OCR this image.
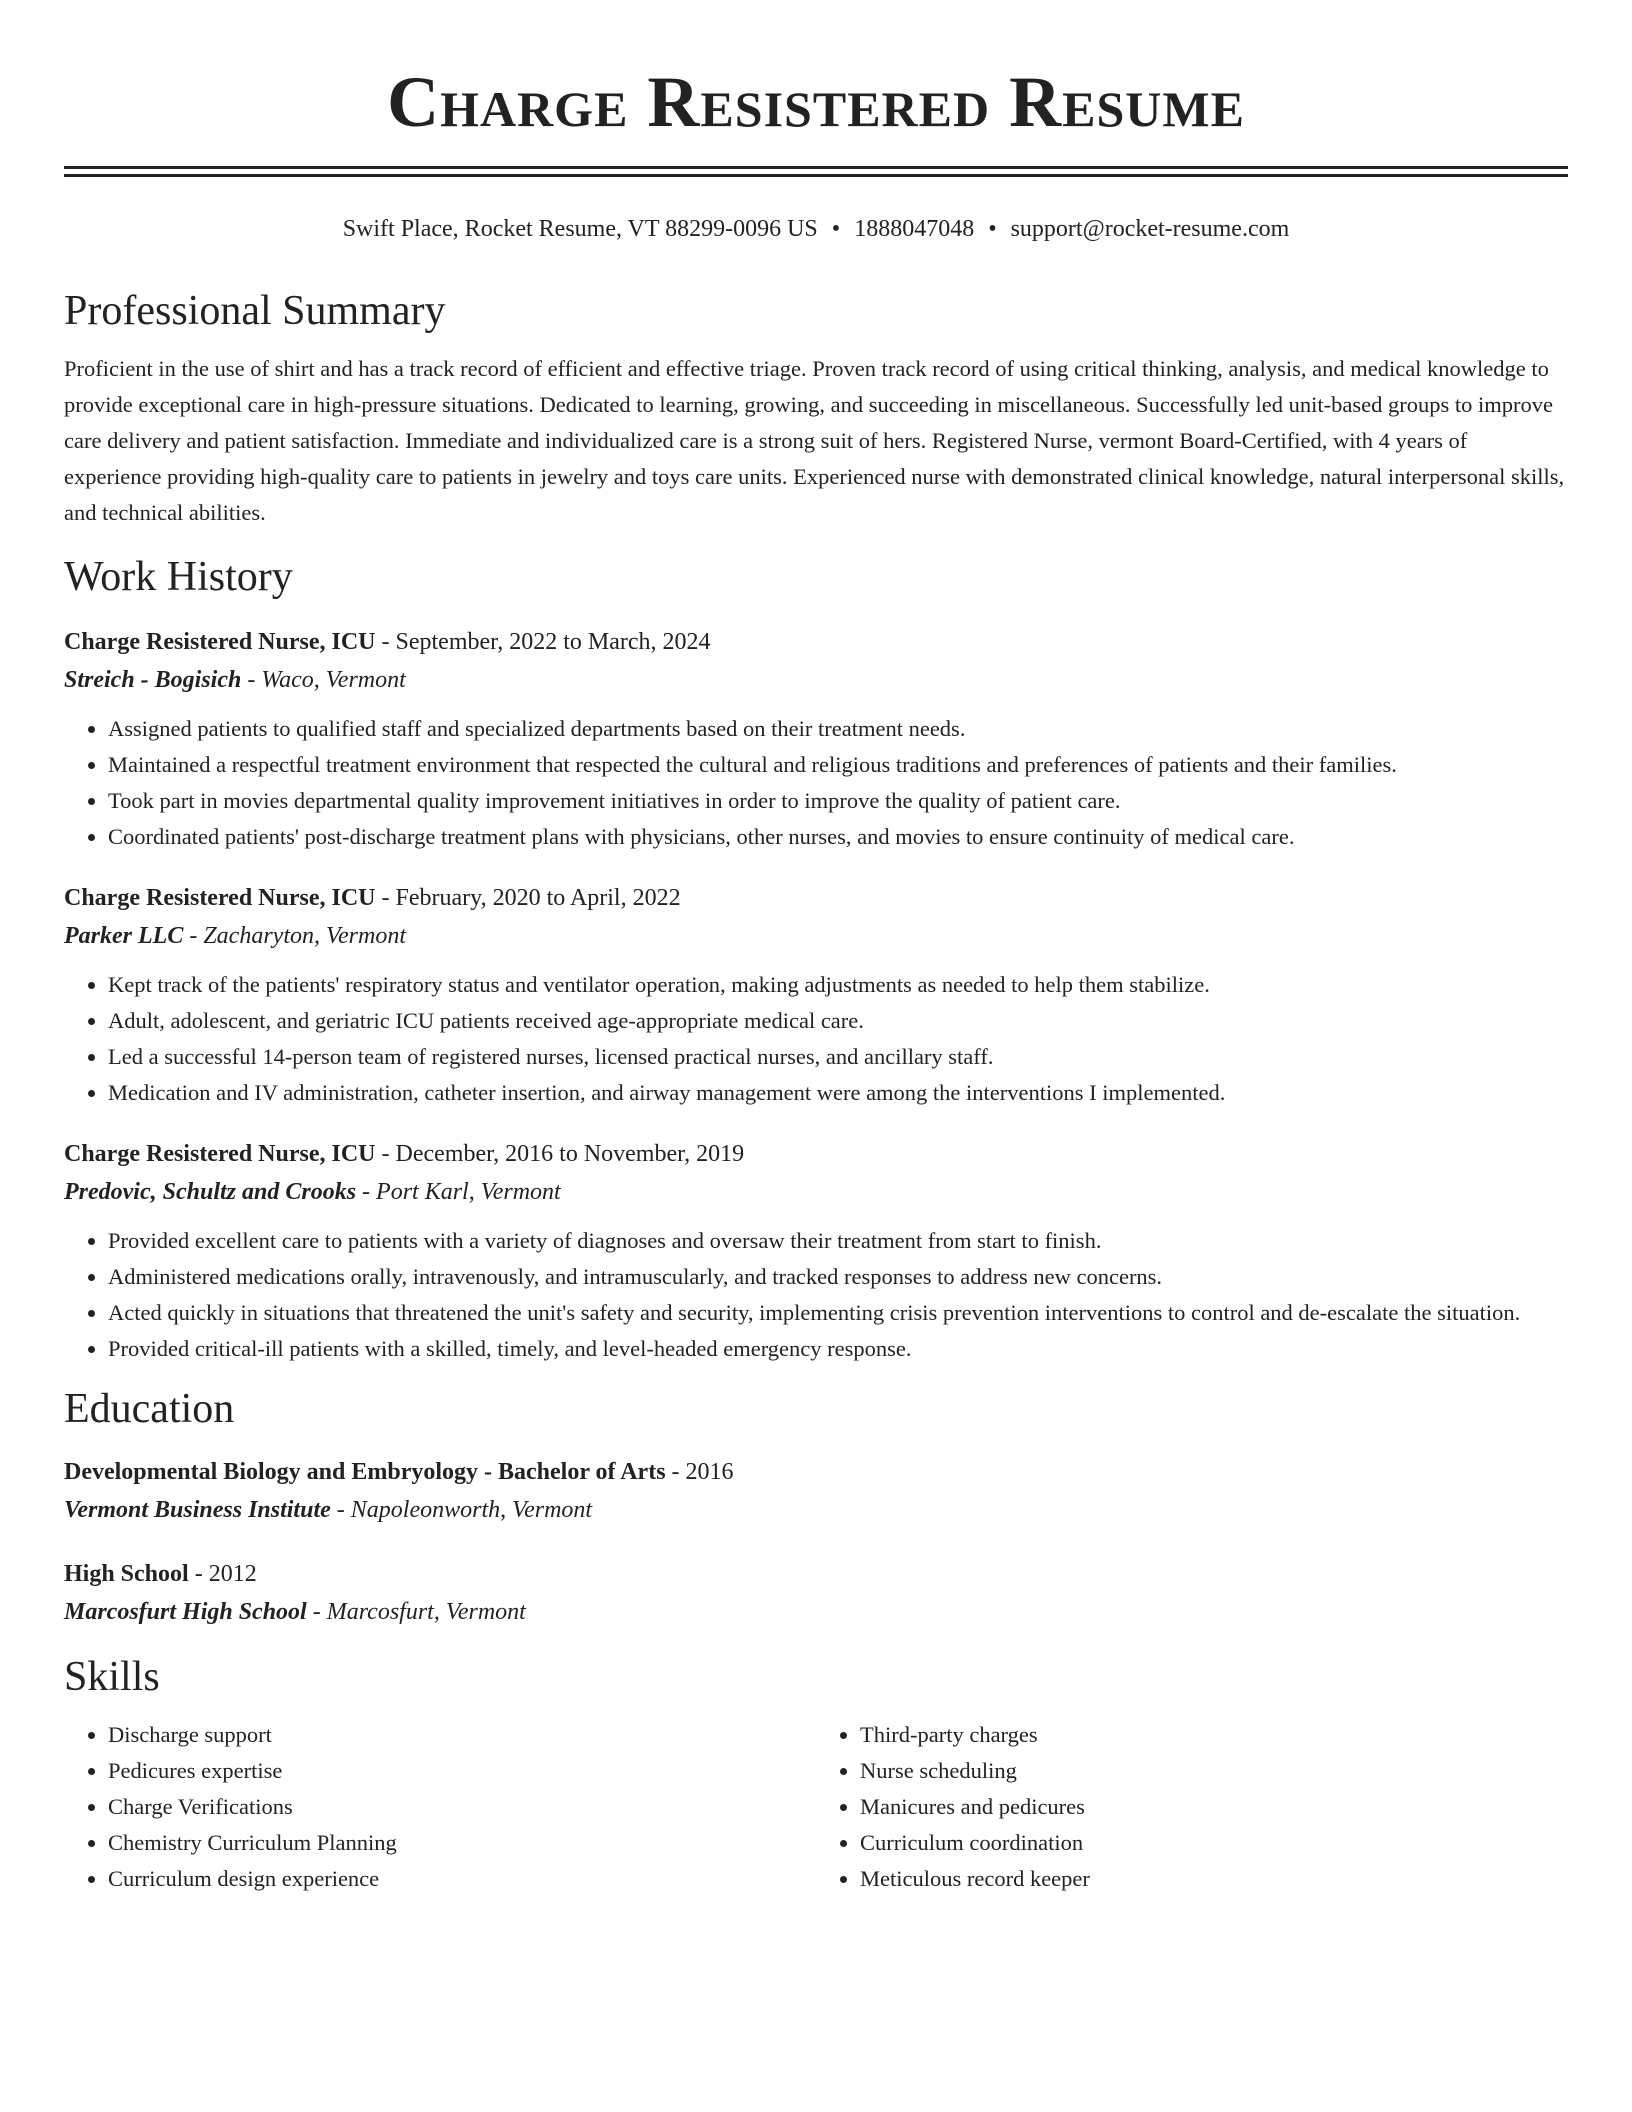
Charge Resistered Resume
Swift Place, Rocket Resume, VT 88299-0096 US • 1888047048 • support@rocket-resume.com
Professional Summary

Proficient in the use of shirt and has a track record of efficient and effective triage. Proven track record of using critical thinking, analysis, and medical knowledge to provide exceptional care in high-pressure situations. Dedicated to learning, growing, and succeeding in miscellaneous. Successfully led unit-based groups to improve care delivery and patient satisfaction. Immediate and individualized care is a strong suit of hers. Registered Nurse, vermont Board-Certified, with 4 years of experience providing high-quality care to patients in jewelry and toys care units. Experienced nurse with demonstrated clinical knowledge, natural interpersonal skills, and technical abilities.

Work History
Charge Resistered Nurse, ICU - September, 2022 to March, 2024
Streich - Bogisich - Waco, Vermont
• Assigned patients to qualified staff and specialized departments based on their treatment needs.
• Maintained a respectful treatment environment that respected the cultural and religious traditions and preferences of patients and their families.
• Took part in movies departmental quality improvement initiatives in order to improve the quality of patient care.
• Coordinated patients' post-discharge treatment plans with physicians, other nurses, and movies to ensure continuity of medical care.
Charge Resistered Nurse, ICU - February, 2020 to April, 2022
Parker LLC - Zacharyton, Vermont
• Kept track of the patients' respiratory status and ventilator operation, making adjustments as needed to help them stabilize.
• Adult, adolescent, and geriatric ICU patients received age-appropriate medical care.
• Led a successful 14-person team of registered nurses, licensed practical nurses, and ancillary staff.
• Medication and IV administration, catheter insertion, and airway management were among the interventions I implemented.
Charge Resistered Nurse, ICU - December, 2016 to November, 2019
Predovic, Schultz and Crooks - Port Karl, Vermont
• Provided excellent care to patients with a variety of diagnoses and oversaw their treatment from start to finish.
• Administered medications orally, intravenously, and intramuscularly, and tracked responses to address new concerns.
• Acted quickly in situations that threatened the unit's safety and security, implementing crisis prevention interventions to control and de-escalate the situation.
• Provided critical-ill patients with a skilled, timely, and level-headed emergency response.
Education
Developmental Biology and Embryology - Bachelor of Arts - 2016
Vermont Business Institute - Napoleonworth, Vermont
High School - 2012
Marcosfurt High School - Marcosfurt, Vermont
Skills
• Discharge support
• Pedicures expertise
• Charge Verifications
• Chemistry Curriculum Planning
• Curriculum design experience
• Third-party charges
• Nurse scheduling
• Manicures and pedicures
• Curriculum coordination
• Meticulous record keeper
